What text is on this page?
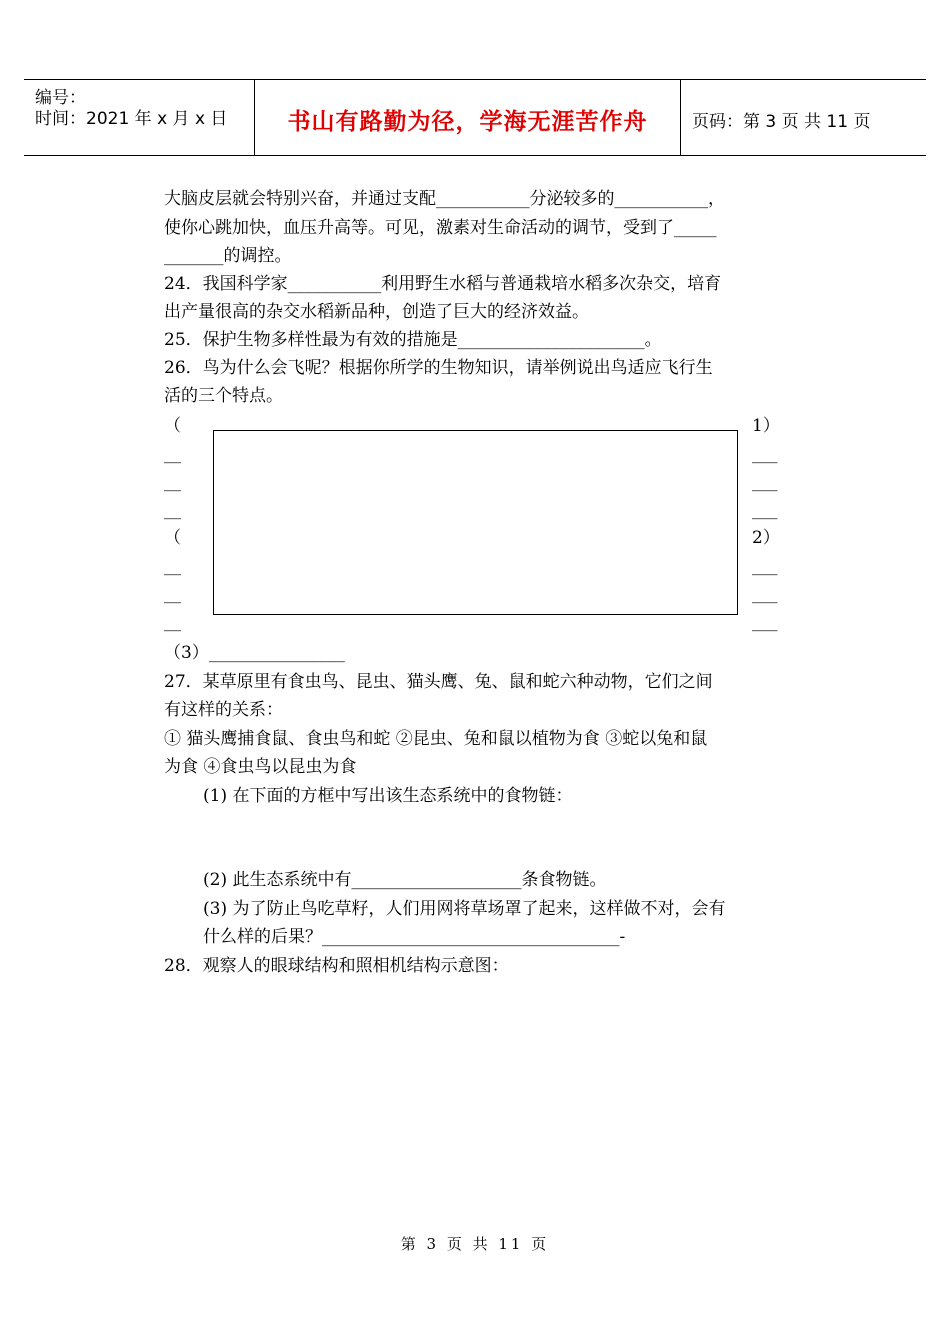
编号：
时间：2021 年 x 月 x 日	书山有路勤为径，学海无涯苦作舟	页码：第 3 页 共 11 页
大脑皮层就会特别兴奋，并通过支配___________分泌较多的___________，
使你心跳加快，血压升高等。可见，激素对生命活动的调节，受到了_____
_______的调控。
24．我国科学家___________利用野生水稻与普通栽培水稻多次杂交，培育
出产量很高的杂交水稻新品种，创造了巨大的经济效益。
25．保护生物多样性最为有效的措施是______________________。
26．鸟为什么会飞呢？根据你所学的生物知识，请举例说出鸟适应飞行生
活的三个特点。
（
__
__
__
（
__
__
__
1）
___
___
___
2）
___
___
___
（3）________________
27．某草原里有食虫鸟、昆虫、猫头鹰、兔、鼠和蛇六种动物，它们之间
有这样的关系：
① 猫头鹰捕食鼠、食虫鸟和蛇 ②昆虫、兔和鼠以植物为食 ③蛇以兔和鼠
为食 ④食虫鸟以昆虫为食
(1) 在下面的方框中写出该生态系统中的食物链：
(2) 此生态系统中有____________________条食物链。
(3) 为了防止鸟吃草籽，人们用网将草场罩了起来，这样做不对，会有
什么样的后果？___________________________________-
28．观察人的眼球结构和照相机结构示意图：
第 3 页 共 11 页
